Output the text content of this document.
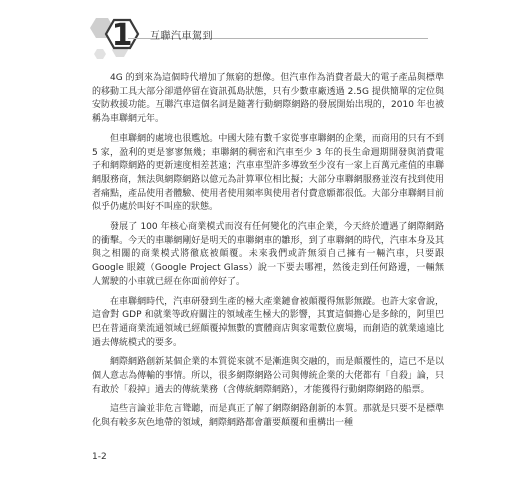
1	互聯汽車駕到

4G 的到來為這個時代增加了無窮的想像。但汽車作為消費者最大的電子產品與標準的移動工具大部分卻還停留在資訊孤島狀態，只有少數車廠透過 2.5G 提供簡單的定位與安防救援功能。互聯汽車這個名詞是隨著行動網際網路的發展開始出現的，2010 年也被稱為車聯網元年。

但車聯網的處境也很尷尬。中國大陸有數千家從事車聯網的企業，而商用的只有不到 5 家，盈利的更是寥寥無幾；車聯網的稠密和汽車至少 3 年的長生命週期開發與消費電子和網際網路的更新速度相差甚遠；汽車車型許多導致至少沒有一家上百萬元產值的車聯網服務商，無法與網際網路以億元為計算單位相比擬；大部分車聯網服務並沒有找到使用者痛點，產品使用者體驗、使用者使用頻率與使用者付費意願都很低。大部分車聯網目前似乎仍處於叫好不叫座的狀態。

發展了 100 年核心商業模式而沒有任何變化的汽車企業，今天終於遭遇了網際網路的衝擊。今天的車聯網剛好是明天的車聯網車的雛形，到了車聯網的時代，汽車本身及其與之相關的商業模式將徹底被顛覆。未來我們或許無須自己擁有一輛汽車，只要跟 Google 眼鏡（Google Project Glass）說一下要去哪裡，然後走到任何路邊，一輛無人駕駛的小車就已經在你面前停好了。

在車聯網時代，汽車研發到生產的極大產業鏈會被顛覆得無影無蹤。也許大家會說，這會對 GDP 和就業等政府關注的領域產生極大的影響，其實這個擔心是多餘的，阿里巴巴在普通商業流通領域已經顛覆掉無數的實體商店與家電數位廣場，而創造的就業遠遠比過去傳統模式的要多。

網際網路創新某個企業的本質從來就不是漸進與交融的，而是顛覆性的，這已不是以個人意志為傳輸的事情。所以，很多網際網路公司與傳統企業的大佬都有「自殺」論，只有敢於「殺掉」過去的傳統業務（含傳統網際網路），才能獲得行動網際網路的船票。

這些言論並非危言聳聽，而是真正了解了網際網路創新的本質。那就是只要不是標準化與有較多灰色地帶的領域，網際網路都會蕭要顛覆和重構出一種

1-2
